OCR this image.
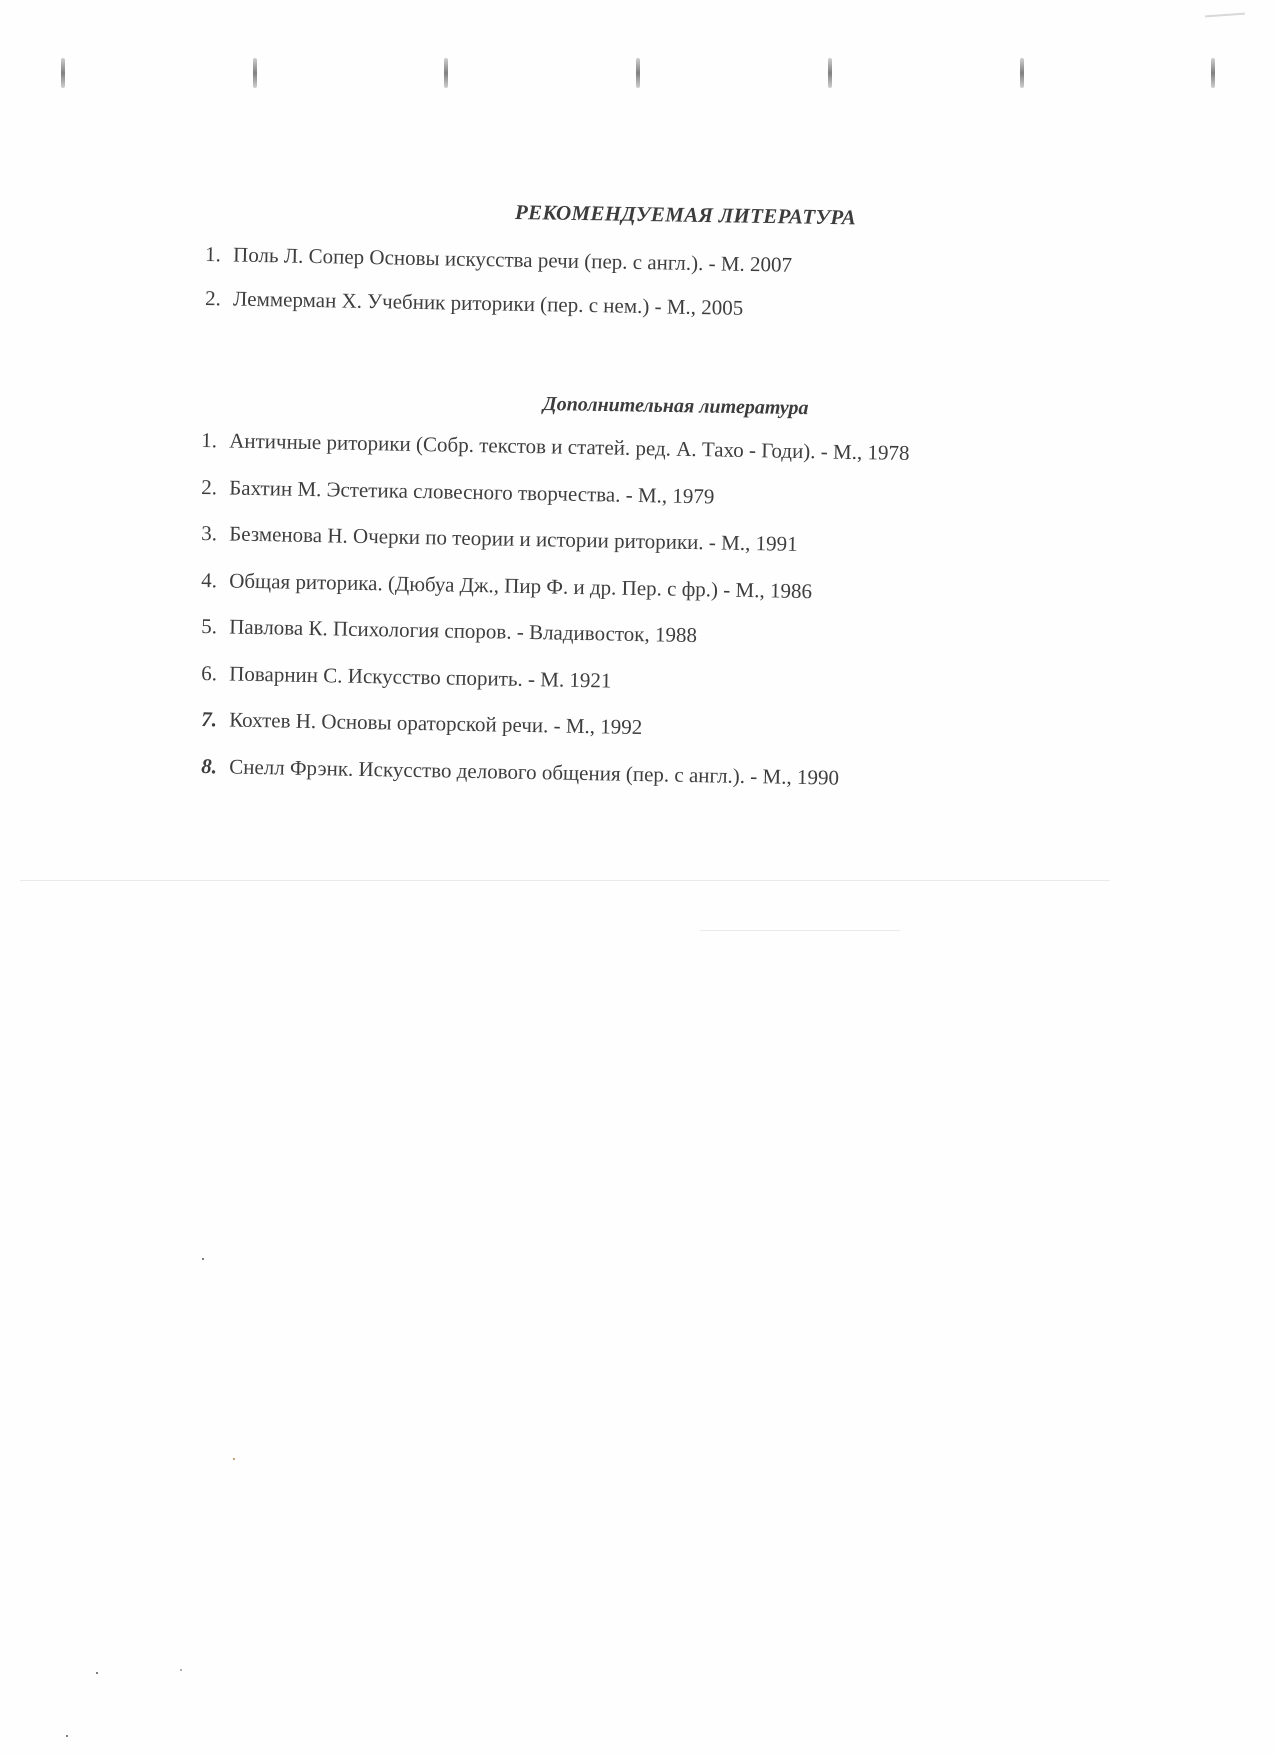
РЕКОМЕНДУЕМАЯ ЛИТЕРАТУРА
1. Поль Л. Сопер Основы искусства речи (пер. с англ.). - М. 2007
2. Леммерман Х. Учебник риторики (пер. с нем.) - М., 2005
Дополнительная литература
1. Античные риторики (Собр. текстов и статей. ред. А. Тахо - Годи). - М., 1978
2. Бахтин М. Эстетика словесного творчества. - М., 1979
3. Безменова Н. Очерки по теории и истории риторики. - М., 1991
4. Общая риторика. (Дюбуа Дж., Пир Ф. и др. Пер. с фр.) - М., 1986
5. Павлова К. Психология споров. - Владивосток, 1988
6. Поварнин С. Искусство спорить. - М. 1921
7. Кохтев Н. Основы ораторской речи. - М., 1992
8. Снелл Фрэнк. Искусство делового общения (пер. с англ.). - М., 1990
